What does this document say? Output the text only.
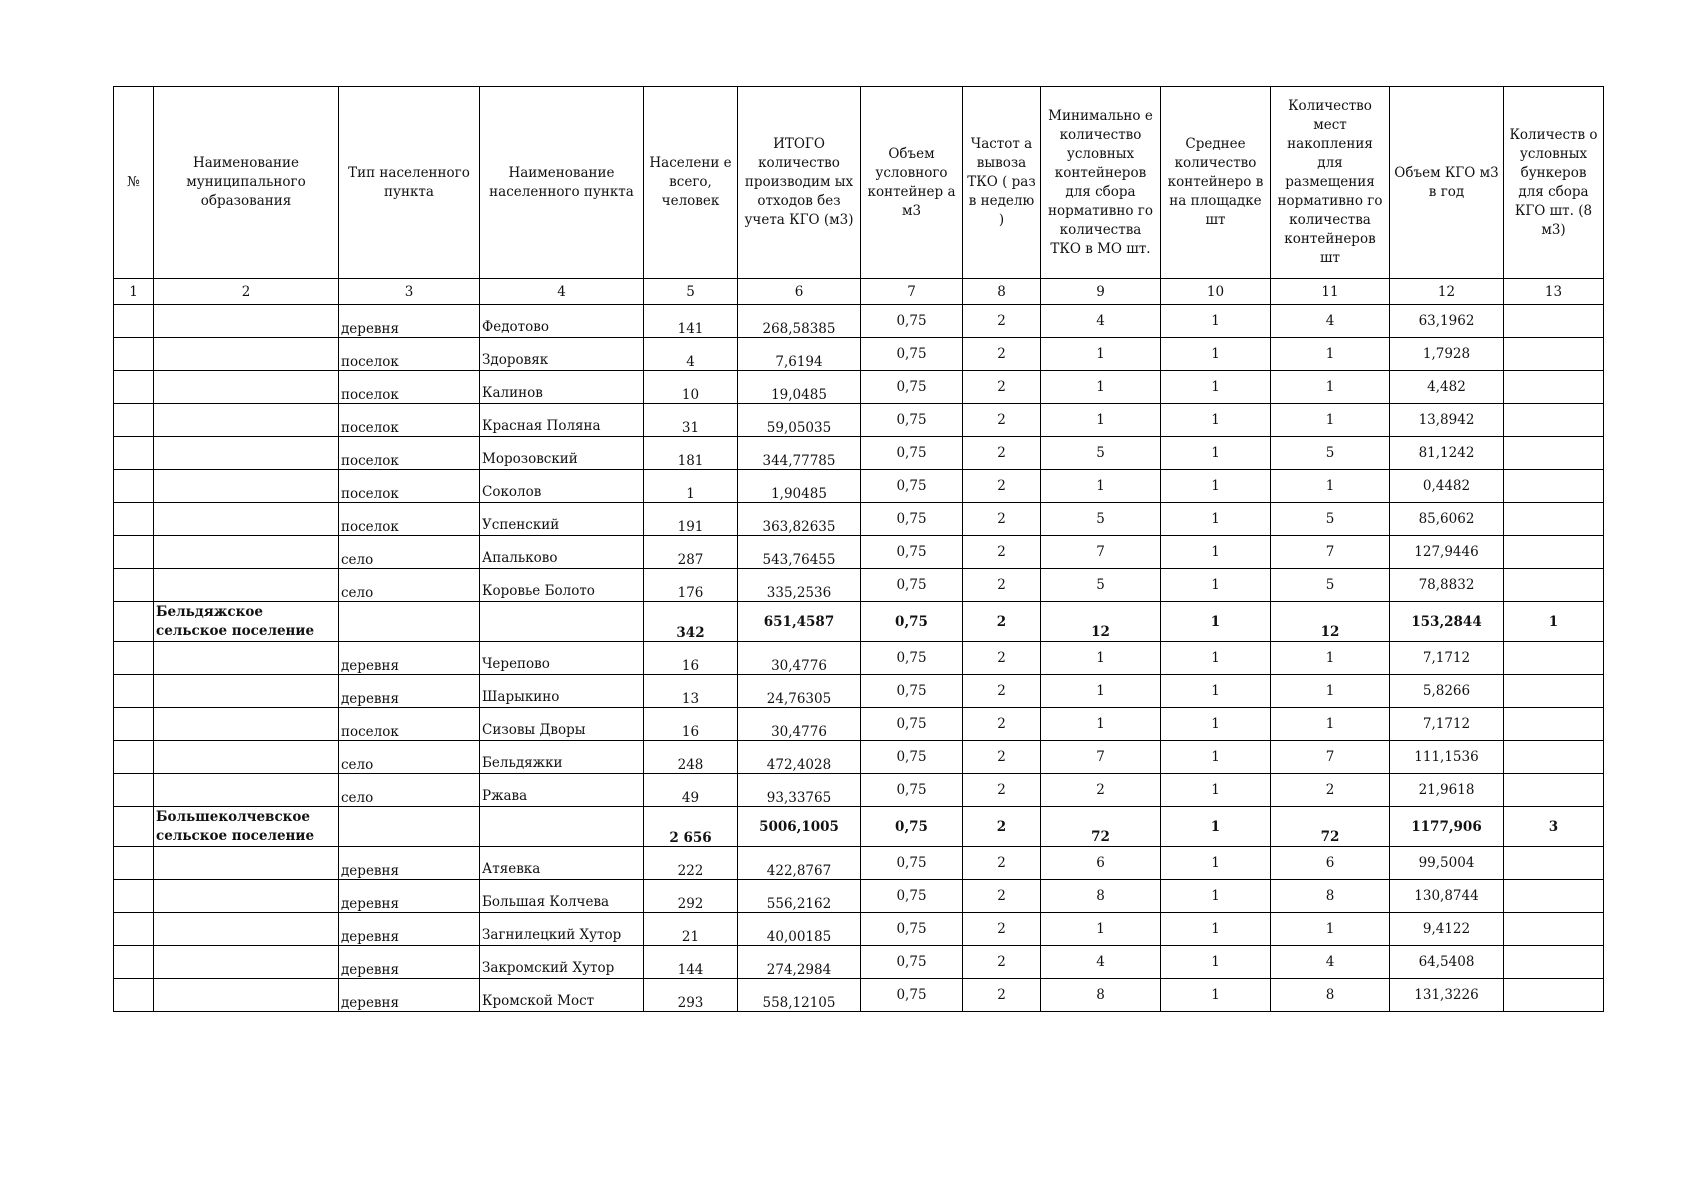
№	Наименование муниципального образования	Тип населенного пункта	Наименование населенного пункта	Населени е всего, человек	ИТОГО количество производим ых отходов без учета КГО (м3)	Объем условного контейнер а м3	Частот а вывоза ТКО ( раз в неделю )	Минимально е количество условных контейнеров для сбора нормативно го количества ТКО в МО шт.	Среднее количество контейнеро в на площадке шт	Количество мест накопления для размещения нормативно го количества контейнеров шт	Объем КГО м3 в год	Количеств о условных бункеров для сбора КГО шт. (8 м3)
1	2	3	4	5	6	7	8	9	10	11	12	13
		деревня	Федотово	141	268,58385	0,75	2	4	1	4	63,1962	
		поселок	Здоровяк	4	7,6194	0,75	2	1	1	1	1,7928	
		поселок	Калинов	10	19,0485	0,75	2	1	1	1	4,482	
		поселок	Красная Поляна	31	59,05035	0,75	2	1	1	1	13,8942	
		поселок	Морозовский	181	344,77785	0,75	2	5	1	5	81,1242	
		поселок	Соколов	1	1,90485	0,75	2	1	1	1	0,4482	
		поселок	Успенский	191	363,82635	0,75	2	5	1	5	85,6062	
		село	Апальково	287	543,76455	0,75	2	7	1	7	127,9446	
		село	Коровье Болото	176	335,2536	0,75	2	5	1	5	78,8832	
	Бельдяжское сельское поселение			342	651,4587	0,75	2	12	1	12	153,2844	1
		деревня	Черепово	16	30,4776	0,75	2	1	1	1	7,1712	
		деревня	Шарыкино	13	24,76305	0,75	2	1	1	1	5,8266	
		поселок	Сизовы Дворы	16	30,4776	0,75	2	1	1	1	7,1712	
		село	Бельдяжки	248	472,4028	0,75	2	7	1	7	111,1536	
		село	Ржава	49	93,33765	0,75	2	2	1	2	21,9618	
	Большеколчевское сельское поселение			2 656	5006,1005	0,75	2	72	1	72	1177,906	3
		деревня	Атяевка	222	422,8767	0,75	2	6	1	6	99,5004	
		деревня	Большая Колчева	292	556,2162	0,75	2	8	1	8	130,8744	
		деревня	Загнилецкий Хутор	21	40,00185	0,75	2	1	1	1	9,4122	
		деревня	Закромский Хутор	144	274,2984	0,75	2	4	1	4	64,5408	
		деревня	Кромской Мост	293	558,12105	0,75	2	8	1	8	131,3226	
